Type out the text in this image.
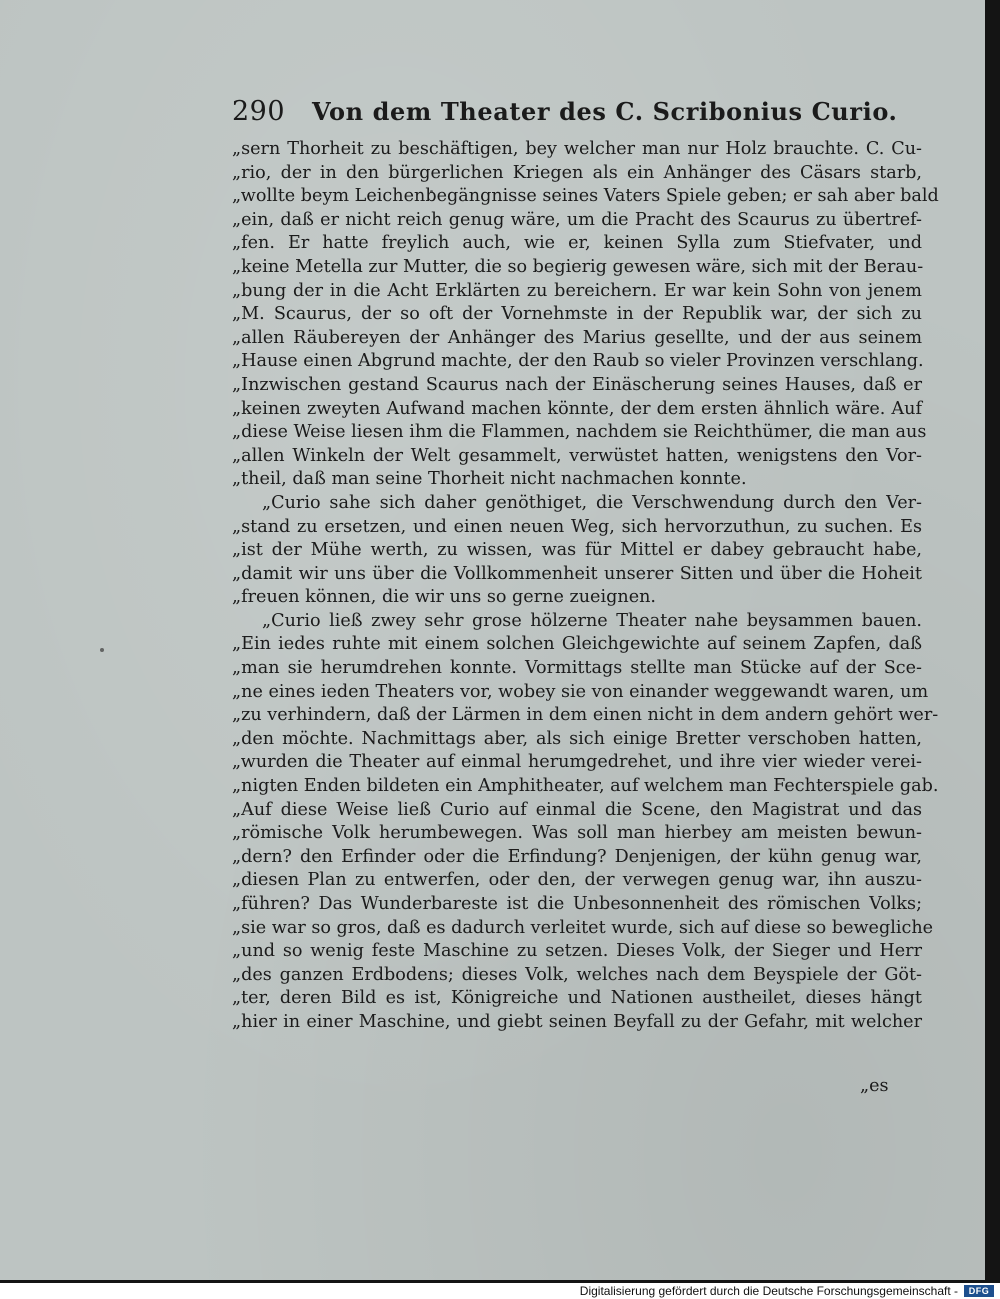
290	Von dem Theater des C. Scribonius Curio.
„sern Thorheit zu beschäftigen, bey welcher man nur Holz brauchte. C. Cu-
„rio, der in den bürgerlichen Kriegen als ein Anhänger des Cäsars starb,
„wollte beym Leichenbegängnisse seines Vaters Spiele geben; er sah aber bald
„ein, daß er nicht reich genug wäre, um die Pracht des Scaurus zu übertref-
„fen. Er hatte freylich auch, wie er, keinen Sylla zum Stiefvater, und
„keine Metella zur Mutter, die so begierig gewesen wäre, sich mit der Berau-
„bung der in die Acht Erklärten zu bereichern. Er war kein Sohn von jenem
„M. Scaurus, der so oft der Vornehmste in der Republik war, der sich zu
„allen Räubereyen der Anhänger des Marius gesellte, und der aus seinem
„Hause einen Abgrund machte, der den Raub so vieler Provinzen verschlang.
„Inzwischen gestand Scaurus nach der Einäscherung seines Hauses, daß er
„keinen zweyten Aufwand machen könnte, der dem ersten ähnlich wäre. Auf
„diese Weise liesen ihm die Flammen, nachdem sie Reichthümer, die man aus
„allen Winkeln der Welt gesammelt, verwüstet hatten, wenigstens den Vor-
„theil, daß man seine Thorheit nicht nachmachen konnte.
„Curio sahe sich daher genöthiget, die Verschwendung durch den Ver-
„stand zu ersetzen, und einen neuen Weg, sich hervorzuthun, zu suchen. Es
„ist der Mühe werth, zu wissen, was für Mittel er dabey gebraucht habe,
„damit wir uns über die Vollkommenheit unserer Sitten und über die Hoheit
„freuen können, die wir uns so gerne zueignen.
„Curio ließ zwey sehr grose hölzerne Theater nahe beysammen bauen.
„Ein iedes ruhte mit einem solchen Gleichgewichte auf seinem Zapfen, daß
„man sie herumdrehen konnte. Vormittags stellte man Stücke auf der Sce-
„ne eines ieden Theaters vor, wobey sie von einander weggewandt waren, um
„zu verhindern, daß der Lärmen in dem einen nicht in dem andern gehört wer-
„den möchte. Nachmittags aber, als sich einige Bretter verschoben hatten,
„wurden die Theater auf einmal herumgedrehet, und ihre vier wieder verei-
„nigten Enden bildeten ein Amphitheater, auf welchem man Fechterspiele gab.
„Auf diese Weise ließ Curio auf einmal die Scene, den Magistrat und das
„römische Volk herumbewegen. Was soll man hierbey am meisten bewun-
„dern? den Erfinder oder die Erfindung? Denjenigen, der kühn genug war,
„diesen Plan zu entwerfen, oder den, der verwegen genug war, ihn auszu-
„führen? Das Wunderbareste ist die Unbesonnenheit des römischen Volks;
„sie war so gros, daß es dadurch verleitet wurde, sich auf diese so bewegliche
„und so wenig feste Maschine zu setzen. Dieses Volk, der Sieger und Herr
„des ganzen Erdbodens; dieses Volk, welches nach dem Beyspiele der Göt-
„ter, deren Bild es ist, Königreiche und Nationen austheilet, dieses hängt
„hier in einer Maschine, und giebt seinen Beyfall zu der Gefahr, mit welcher
„es
Digitalisierung gefördert durch die Deutsche Forschungsgemeinschaft -	DFG
